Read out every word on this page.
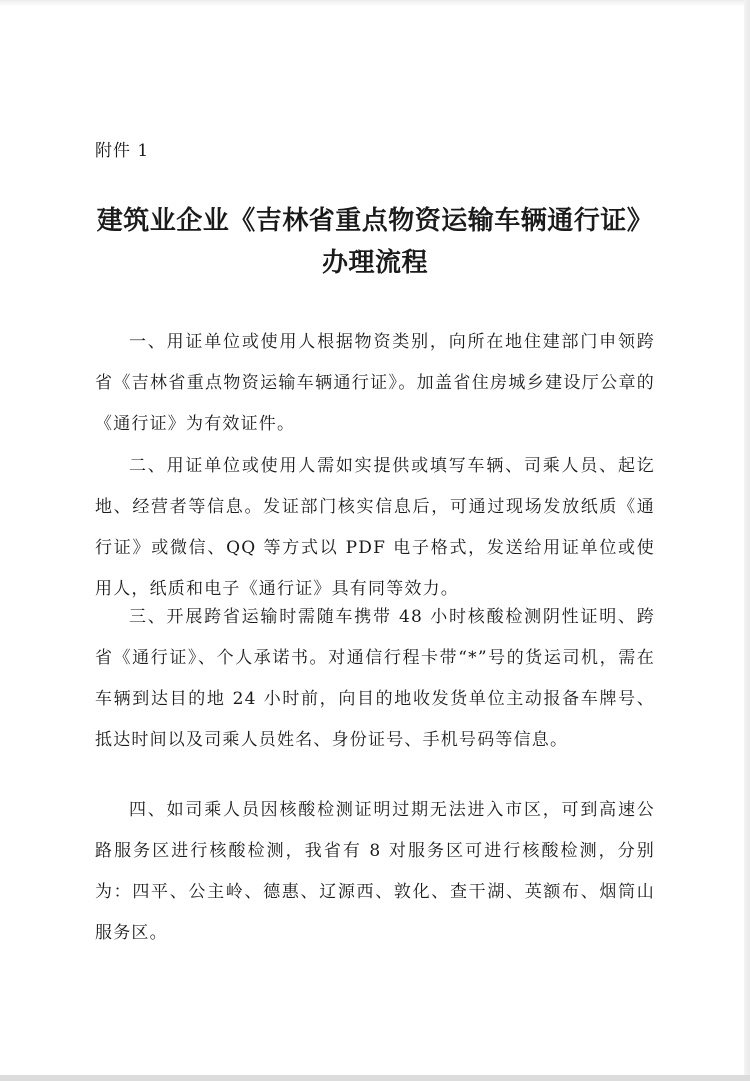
附件 1
建筑业企业《吉林省重点物资运输车辆通行证》
办理流程

一、用证单位或使用人根据物资类别，向所在地住建部门申领跨省《吉林省重点物资运输车辆通行证》。加盖省住房城乡建设厅公章的《通行证》为有效证件。

二、用证单位或使用人需如实提供或填写车辆、司乘人员、起讫地、经营者等信息。发证部门核实信息后，可通过现场发放纸质《通行证》或微信、QQ 等方式以 PDF 电子格式，发送给用证单位或使用人，纸质和电子《通行证》具有同等效力。

三、开展跨省运输时需随车携带 48 小时核酸检测阴性证明、跨省《通行证》、个人承诺书。对通信行程卡带“*”号的货运司机，需在车辆到达目的地 24 小时前，向目的地收发货单位主动报备车牌号、抵达时间以及司乘人员姓名、身份证号、手机号码等信息。

四、如司乘人员因核酸检测证明过期无法进入市区，可到高速公路服务区进行核酸检测，我省有 8 对服务区可进行核酸检测，分别为：四平、公主岭、德惠、辽源西、敦化、查干湖、英额布、烟筒山服务区。
